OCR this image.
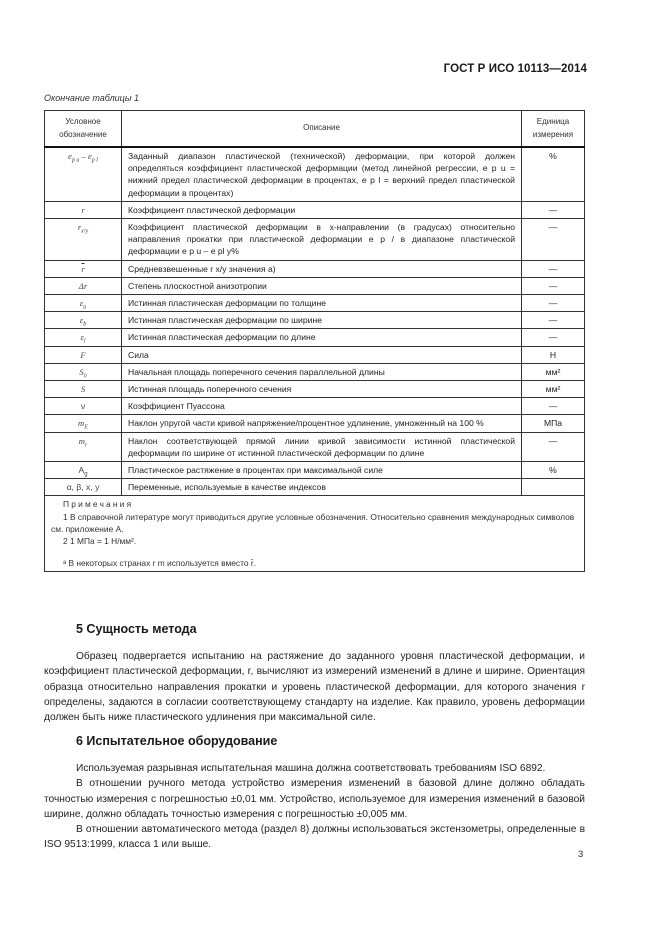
ГОСТ Р ИСО 10113—2014
Окончание таблицы 1
Условное обозначение	Описание	Единица измерения
$e_{p u} - e_{p l}$	Заданный диапазон пластической (технической) деформации, при которой должен определяться коэффициент пластической деформации (метод линейной регрессии, e p u = нижний предел пластической деформации в процентах, e p l = верхний предел пластической деформации в процентах)	%
r	Коэффициент пластической деформации	—
$r_{x/y}$	Коэффициент пластической деформации в x-направлении (в градусах) относительно направления прокатки при пластической деформации e p / в диапазоне пластической деформации e p u – e pl y%	—
$\overline{r}$	Средневзвешенные r x/y значения a)	—
Δr	Степень плоскостной анизотропии	—
$\varepsilon_a$	Истинная пластическая деформации по толщине	—
$\varepsilon_b$	Истинная пластическая деформации по ширине	—
$\varepsilon_l$	Истинная пластическая деформации по длине	—
F	Сила	Н
$S_0$	Начальная площадь поперечного сечения параллельной длины	мм²
S	Истинная площадь поперечного сечения	мм²
ν	Коэффициент Пуассона	—
$m_E$	Наклон упругой части кривой напряжение/процентное удлинение, умноженный на 100 %	МПа
$m_r$	Наклон соответствующей прямой линии кривой зависимости истинной пластической деформации по ширине от истинной пластической деформации по длине	—
$A_g$	Пластическое растяжение в процентах при максимальной силе	%
α, β, x, y	Переменные, используемые в качестве индексов	

Примечания
1 В справочной литературе могут приводиться другие условные обозначения. Относительно сравнения международных символов см. приложение А.
2 1 МПа = 1 Н/мм².
ᵃ В некоторых странах r m используется вместо r̄.		
5 Сущность метода

Образец подвергается испытанию на растяжение до заданного уровня пластической деформации, и коэффициент пластической деформации, r, вычисляют из измерений изменений в длине и ширине. Ориентация образца относительно направления прокатки и уровень пластической деформации, для которого значения r определены, задаются в согласии соответствующему стандарту на изделие. Как правило, уровень деформации должен быть ниже пластического удлинения при максимальной силе.

6 Испытательное оборудование

Используемая разрывная испытательная машина должна соответствовать требованиям ISO 6892.

В отношении ручного метода устройство измерения изменений в базовой длине должно обладать точностью измерения с погрешностью ±0,01 мм. Устройство, используемое для измерения изменений в базовой ширине, должно обладать точностью измерения с погрешностью ±0,005 мм.

В отношении автоматического метода (раздел 8) должны использоваться экстензометры, определенные в ISO 9513:1999, класса 1 или выше.

3
